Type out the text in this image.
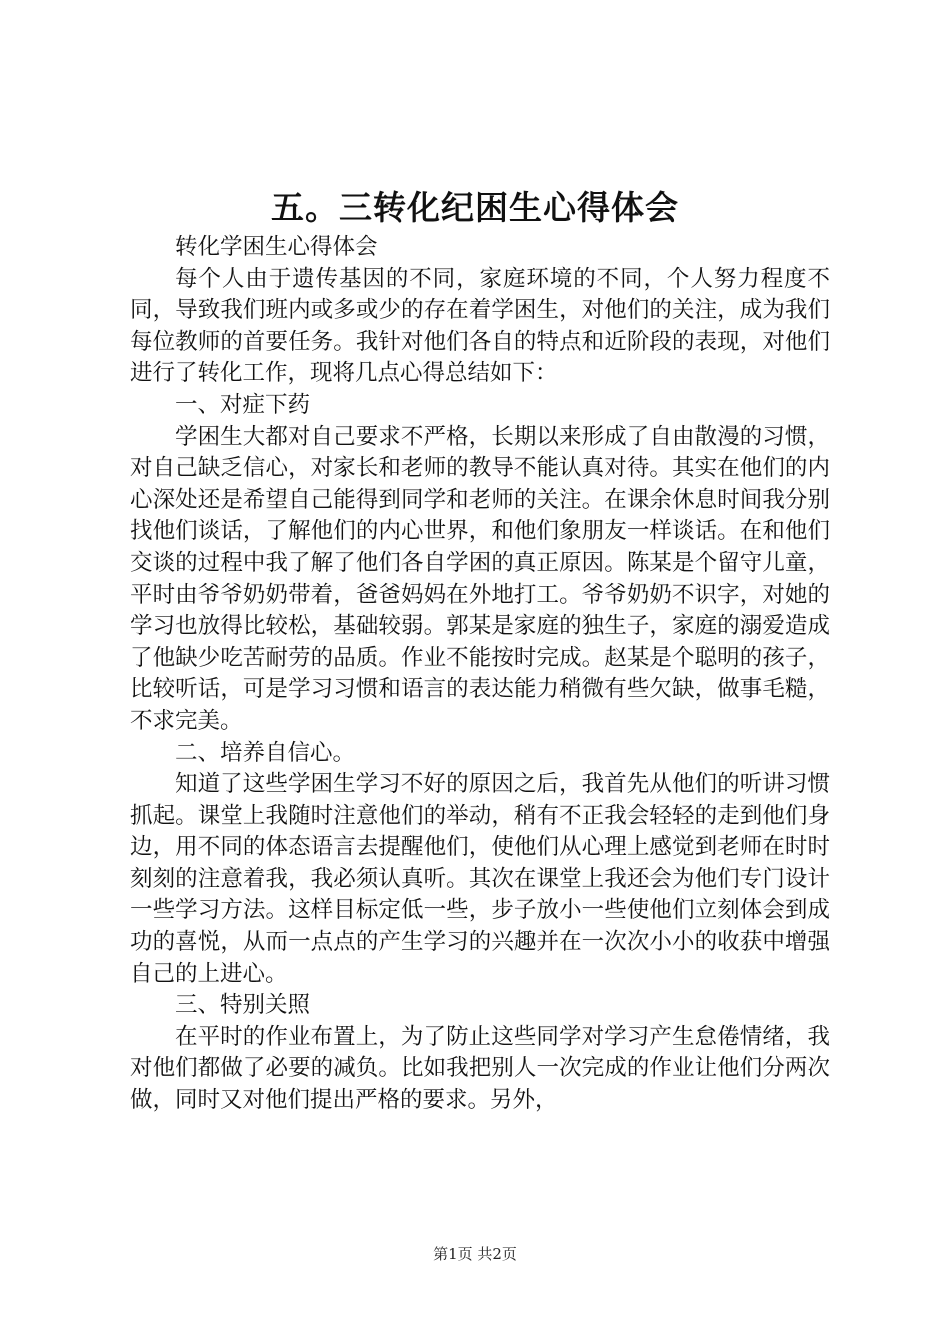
五。三转化纪困生心得体会

转化学困生心得体会

每个人由于遗传基因的不同，家庭环境的不同，个人努力程度不同，导致我们班内或多或少的存在着学困生，对他们的关注，成为我们每位教师的首要任务。我针对他们各自的特点和近阶段的表现，对他们进行了转化工作，现将几点心得总结如下：

一、对症下药

学困生大都对自己要求不严格，长期以来形成了自由散漫的习惯，对自己缺乏信心，对家长和老师的教导不能认真对待。其实在他们的内心深处还是希望自己能得到同学和老师的关注。在课余休息时间我分别找他们谈话，了解他们的内心世界，和他们象朋友一样谈话。在和他们交谈的过程中我了解了他们各自学困的真正原因。陈某是个留守儿童，平时由爷爷奶奶带着，爸爸妈妈在外地打工。爷爷奶奶不识字，对她的学习也放得比较松，基础较弱。郭某是家庭的独生子，家庭的溺爱造成了他缺少吃苦耐劳的品质。作业不能按时完成。赵某是个聪明的孩子，比较听话，可是学习习惯和语言的表达能力稍微有些欠缺，做事毛糙，不求完美。

二、培养自信心。

知道了这些学困生学习不好的原因之后，我首先从他们的听讲习惯抓起。课堂上我随时注意他们的举动，稍有不正我会轻轻的走到他们身边，用不同的体态语言去提醒他们，使他们从心理上感觉到老师在时时刻刻的注意着我，我必须认真听。其次在课堂上我还会为他们专门设计一些学习方法。这样目标定低一些，步子放小一些使他们立刻体会到成功的喜悦，从而一点点的产生学习的兴趣并在一次次小小的收获中增强自己的上进心。

三、特别关照

在平时的作业布置上，为了防止这些同学对学习产生怠倦情绪，我对他们都做了必要的减负。比如我把别人一次完成的作业让他们分两次做，同时又对他们提出严格的要求。另外，

第1页 共2页
